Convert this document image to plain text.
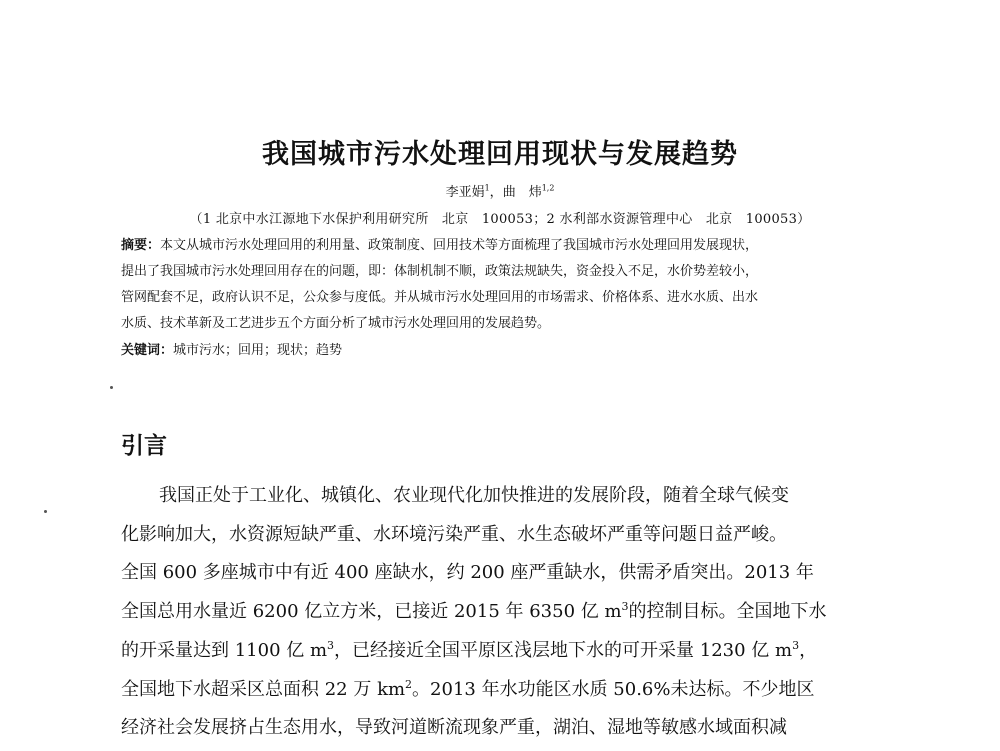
我国城市污水处理回用现状与发展趋势
李亚娟$^1$，曲　炜$^{1,2}$
（1 北京中水江源地下水保护利用研究所　北京　100053；2 水利部水资源管理中心　北京　100053）
摘要：本文从城市污水处理回用的利用量、政策制度、回用技术等方面梳理了我国城市污水处理回用发展现状，
提出了我国城市污水处理回用存在的问题，即：体制机制不顺，政策法规缺失，资金投入不足，水价势差较小，
管网配套不足，政府认识不足，公众参与度低。并从城市污水处理回用的市场需求、价格体系、进水水质、出水
水质、技术革新及工艺进步五个方面分析了城市污水处理回用的发展趋势。
关键词：城市污水；回用；现状；趋势
引言
我国正处于工业化、城镇化、农业现代化加快推进的发展阶段，随着全球气候变
化影响加大，水资源短缺严重、水环境污染严重、水生态破坏严重等问题日益严峻。
全国 600 多座城市中有近 400 座缺水，约 200 座严重缺水，供需矛盾突出。2013 年
全国总用水量近 6200 亿立方米，已接近 2015 年 6350 亿 $m^3$的控制目标。全国地下水
的开采量达到 1100 亿 $m^3$，已经接近全国平原区浅层地下水的可开采量 1230 亿 $m^3$，
全国地下水超采区总面积 22 万 $km^2$。2013 年水功能区水质 50.6%未达标。不少地区
经济社会发展挤占生态用水，导致河道断流现象严重，湖泊、湿地等敏感水域面积减
